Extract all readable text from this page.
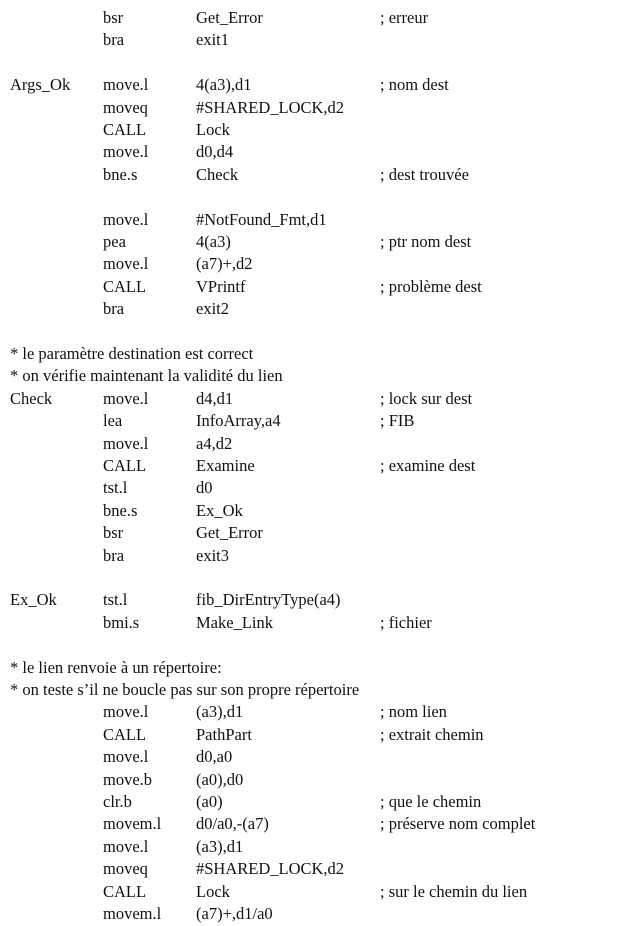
bsr	Get_Error	; erreur
bra	exit1
Args_Ok move.l	4(a3),d1	; nom dest
moveq	#SHARED_LOCK,d2
CALL	Lock
move.l	d0,d4
bne.s	Check	; dest trouvée
move.l	#NotFound_Fmt,d1
pea	4(a3)	; ptr nom dest
move.l	(a7)+,d2
CALL	VPrintf	; problème dest
bra	exit2
* le paramètre destination est correct
* on vérifie maintenant la validité du lien
Check	move.l	d4,d1	; lock sur dest
lea	InfoArray,a4	; FIB
move.l	a4,d2
CALL	Examine	; examine dest
tst.l	d0
bne.s	Ex_Ok
bsr	Get_Error
bra	exit3
Ex_Ok	tst.l	fib_DirEntryType(a4)
bmi.s	Make_Link	; fichier
* le lien renvoie à un répertoire:
* on teste s’il ne boucle pas sur son propre répertoire
move.l	(a3),d1	; nom lien
CALL	PathPart	; extrait chemin
move.l	d0,a0
move.b	(a0),d0
clr.b	(a0)	; que le chemin
movem.l d0/a0,-(a7)	; préserve nom complet
move.l	(a3),d1
moveq	#SHARED_LOCK,d2
CALL	Lock	; sur le chemin du lien
movem.l (a7)+,d1/a0
